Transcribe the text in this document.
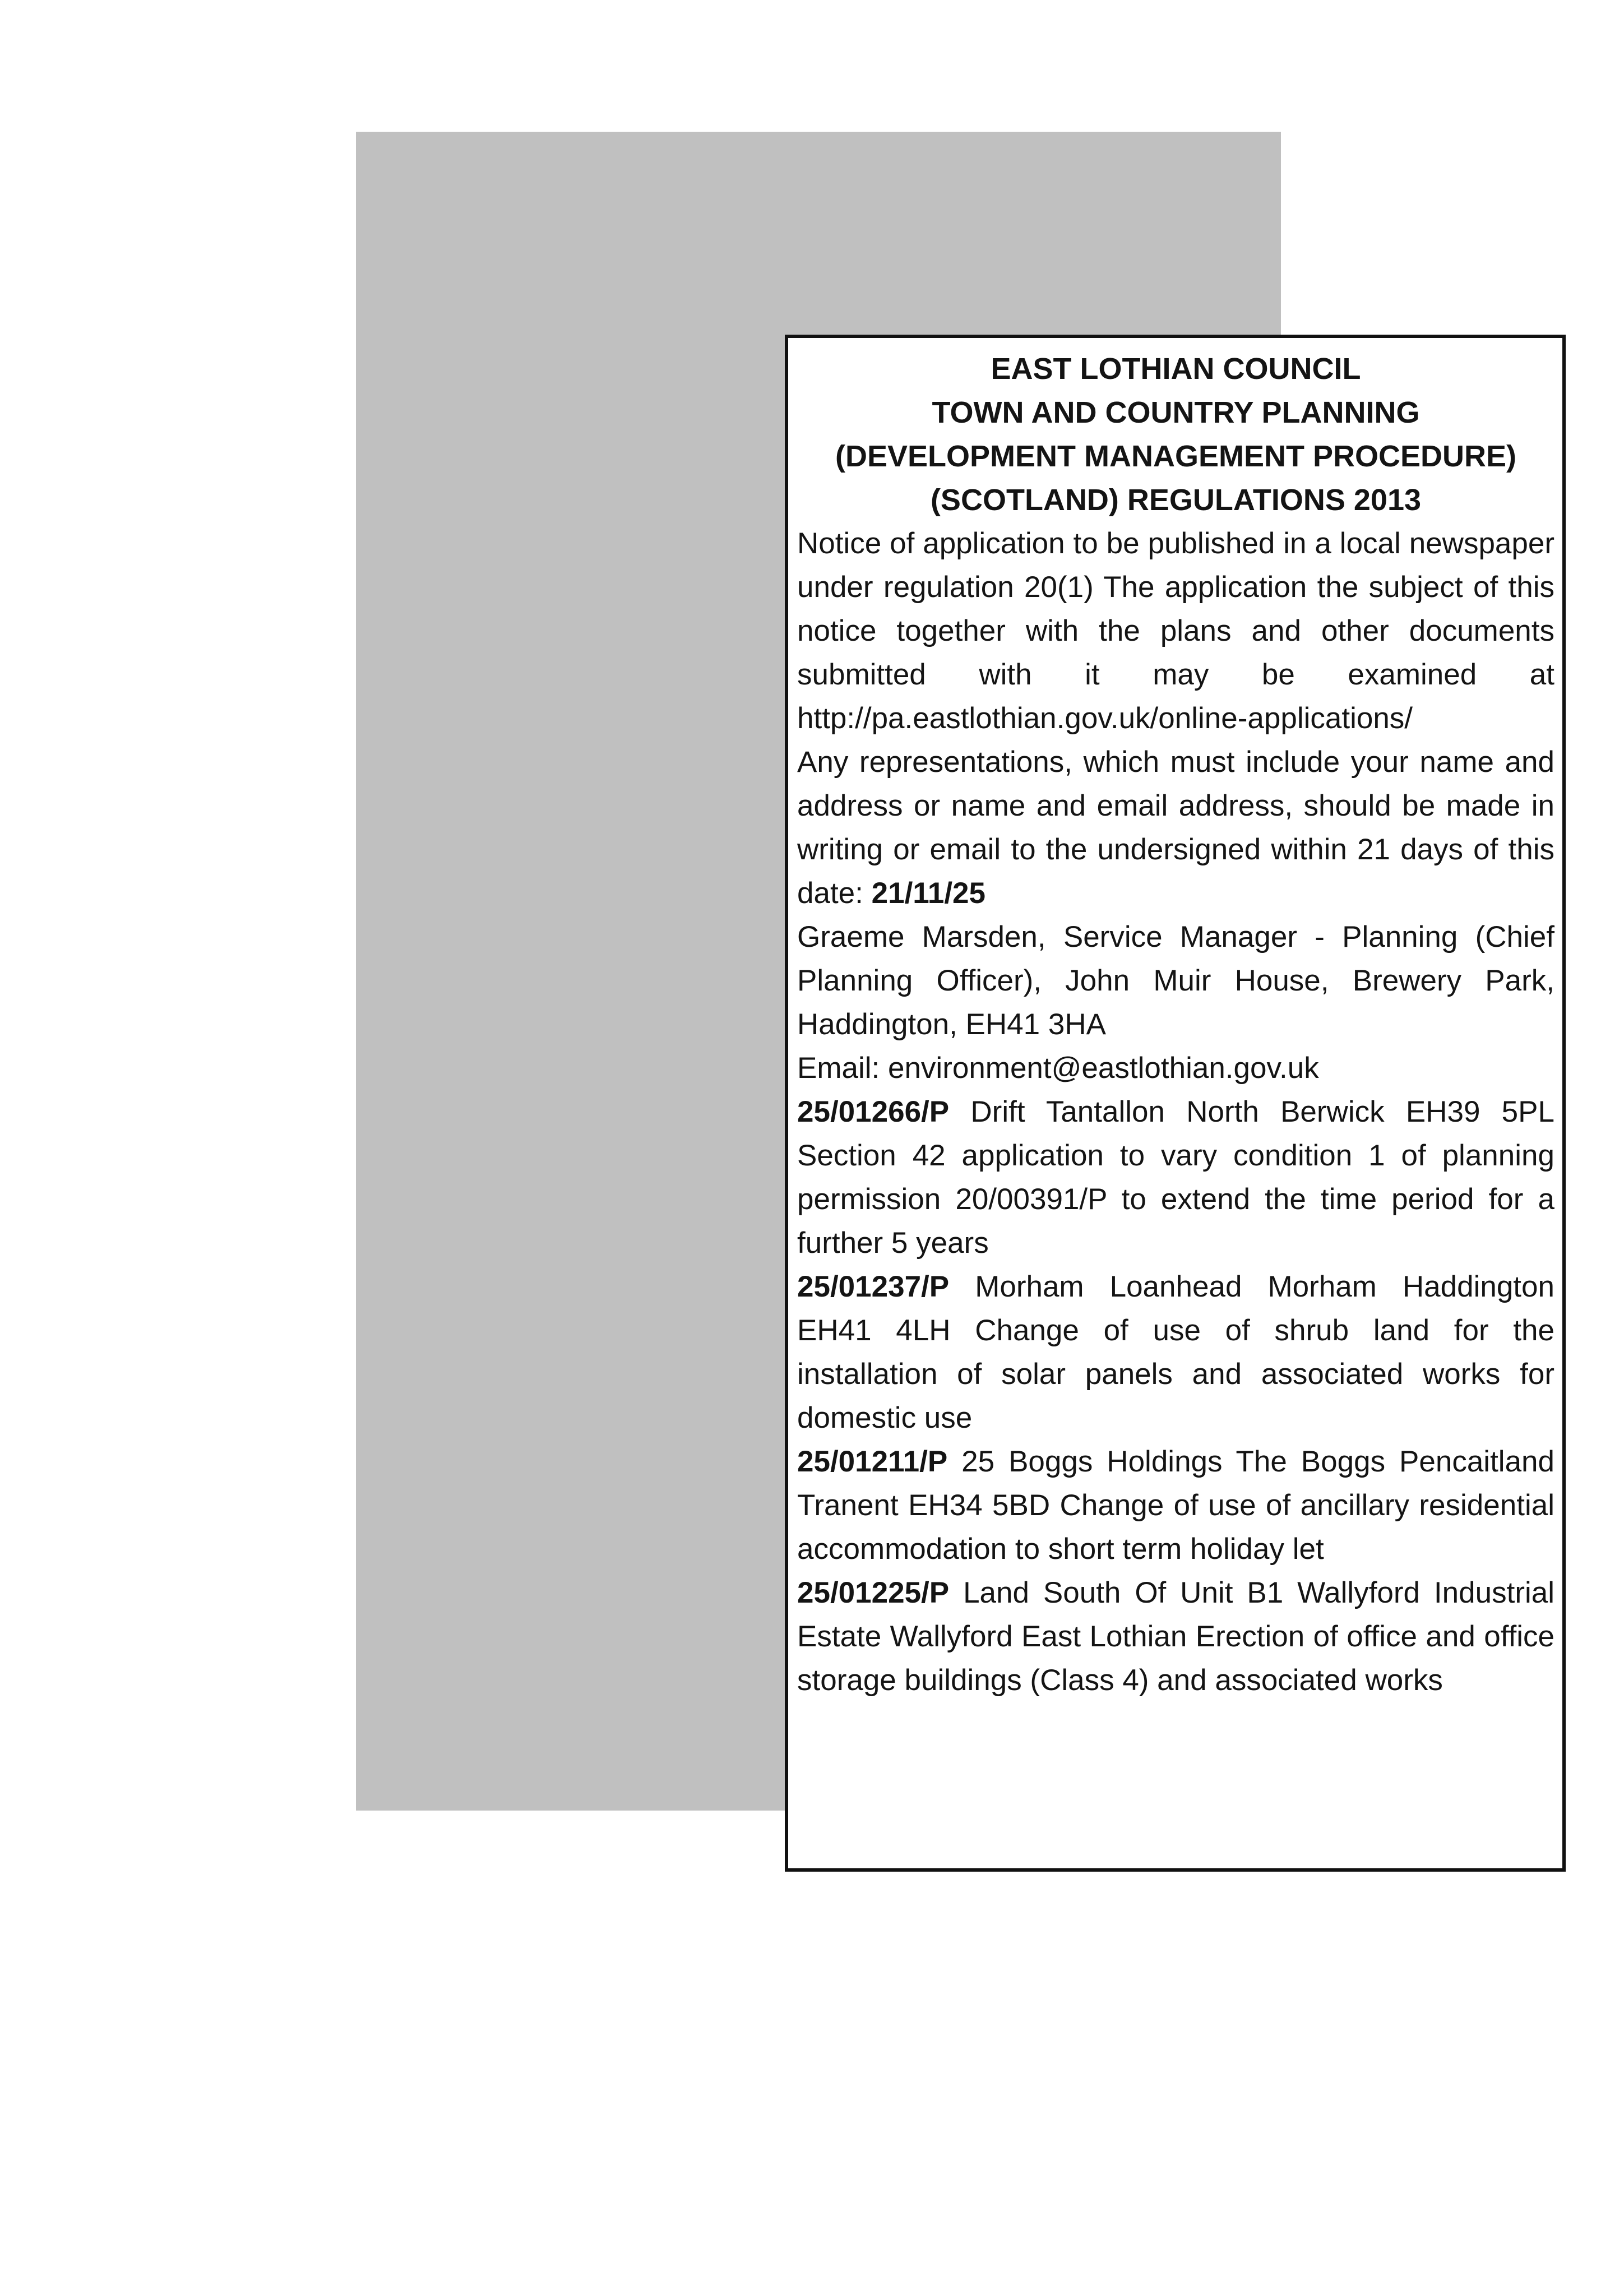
EAST LOTHIAN COUNCIL

TOWN AND COUNTRY PLANNING

(DEVELOPMENT MANAGEMENT PROCEDURE)

(SCOTLAND) REGULATIONS 2013

Notice of application to be published in a local newspaper under regulation 20(1) The application the subject of this notice together with the plans and other documents submitted with it may be examined at http://pa.eastlothian.gov.uk/online-applications/

Any representations, which must include your name and address or name and email address, should be made in writing or email to the undersigned within 21 days of this date: 21/11/25

Graeme Marsden, Service Manager - Planning (Chief Planning Officer), John Muir House, Brewery Park, Haddington, EH41 3HA

Email: environment@eastlothian.gov.uk

25/01266/P Drift Tantallon North Berwick EH39 5PL Section 42 application to vary condition 1 of planning permission 20/00391/P to extend the time period for a further 5 years

25/01237/P Morham Loanhead Morham Haddington EH41 4LH Change of use of shrub land for the installation of solar panels and associated works for domestic use

25/01211/P 25 Boggs Holdings The Boggs Pencaitland Tranent EH34 5BD Change of use of ancillary residential accommodation to short term holiday let

25/01225/P Land South Of Unit B1 Wallyford Industrial Estate Wallyford East Lothian Erection of office and office storage buildings (Class 4) and associated works
